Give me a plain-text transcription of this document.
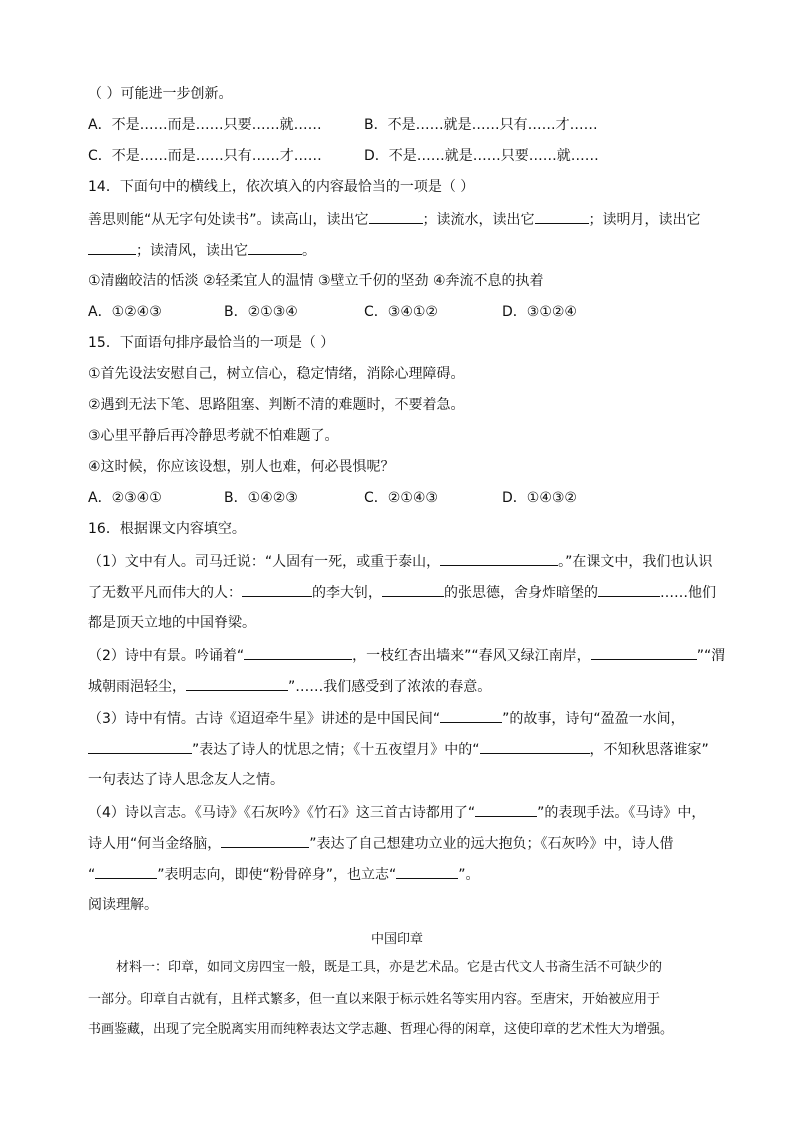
（ ）可能进一步创新。
A．不是……而是……只要……就……	B．不是……就是……只有……才……
C．不是……而是……只有……才……	D．不是……就是……只要……就……
14．下面句中的横线上，依次填入的内容最恰当的一项是（ ）
善思则能“从无字句处读书”。读高山，读出它	；读流水，读出它	；读明月，读出它
；读清风，读出它	。
①清幽皎洁的恬淡 ②轻柔宜人的温情 ③壁立千仞的坚劲 ④奔流不息的执着
A．①②④③	B．②①③④	C．③④①②	D．③①②④
15．下面语句排序最恰当的一项是（ ）
①首先设法安慰自己，树立信心，稳定情绪，消除心理障碍。
②遇到无法下笔、思路阻塞、判断不清的难题时，不要着急。
③心里平静后再冷静思考就不怕难题了。
④这时候，你应该设想，别人也难，何必畏惧呢？
A．②③④①	B．①④②③	C．②①④③	D．①④③②
16．根据课文内容填空。
（1）文中有人。司马迁说：“人固有一死，或重于泰山，	。”在课文中，我们也认识
了无数平凡而伟大的人：	的李大钊，	的张思德，舍身炸暗堡的	……他们
都是顶天立地的中国脊梁。
（2）诗中有景。吟诵着“	，一枝红杏出墙来”“春风又绿江南岸，	”“渭
城朝雨浥轻尘，	”……我们感受到了浓浓的春意。
（3）诗中有情。古诗《迢迢牵牛星》讲述的是中国民间“	”的故事，诗句“盈盈一水间，
”表达了诗人的忧思之情；《十五夜望月》中的“	，不知秋思落谁家”
一句表达了诗人思念友人之情。
（4）诗以言志。《马诗》《石灰吟》《竹石》这三首古诗都用了“	”的表现手法。《马诗》中，
诗人用“何当金络脑，	”表达了自己想建功立业的远大抱负；《石灰吟》中，诗人借
“	”表明志向，即使“粉骨碎身”，也立志“	”。
阅读理解。
中国印章
材料一：印章，如同文房四宝一般，既是工具，亦是艺术品。它是古代文人书斋生活不可缺少的
一部分。印章自古就有，且样式繁多，但一直以来限于标示姓名等实用内容。至唐宋，开始被应用于
书画鉴藏，出现了完全脱离实用而纯粹表达文学志趣、哲理心得的闲章，这使印章的艺术性大为增强。
